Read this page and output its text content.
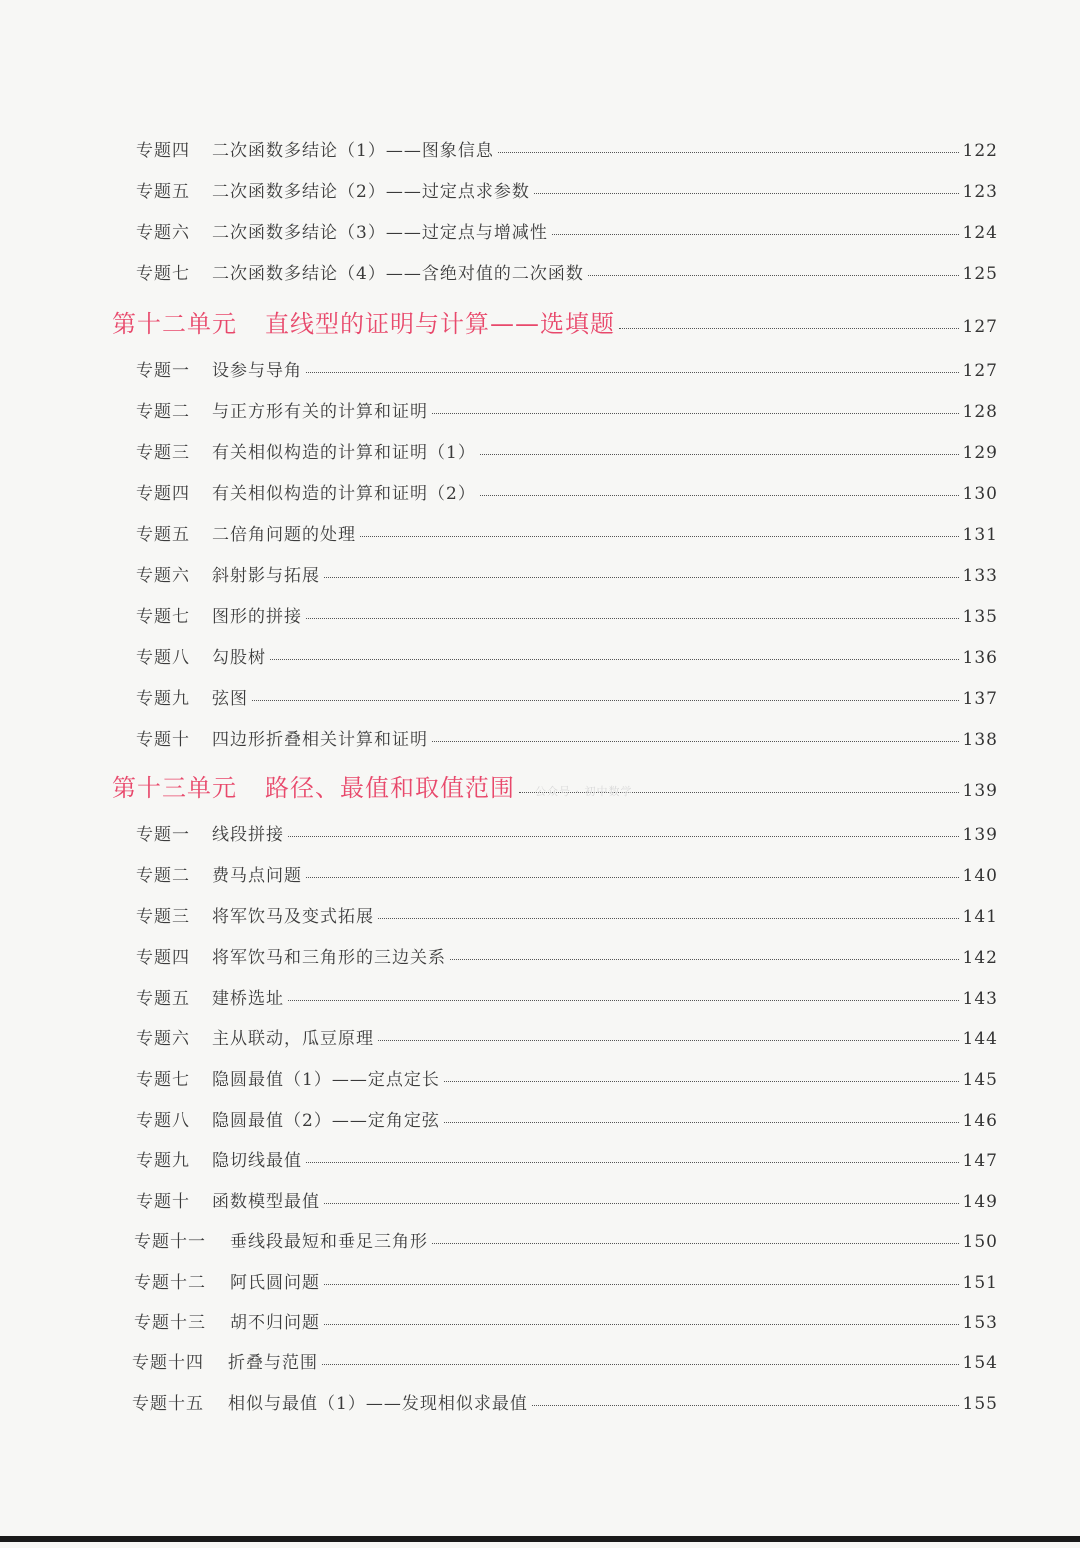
专题四	二次函数多结论（1）——图象信息	122
专题五	二次函数多结论（2）——过定点求参数	123
专题六	二次函数多结论（3）——过定点与增减性	124
专题七	二次函数多结论（4）——含绝对值的二次函数	125
第十二单元 直线型的证明与计算——选填题	127
专题一	设参与导角	127
专题二	与正方形有关的计算和证明	128
专题三	有关相似构造的计算和证明（1）	129
专题四	有关相似构造的计算和证明（2）	130
专题五	二倍角问题的处理	131
专题六	斜射影与拓展	133
专题七	图形的拼接	135
专题八	勾股树	136
专题九	弦图	137
专题十	四边形折叠相关计算和证明	138
第十三单元 路径、最值和取值范围	139
公众号 · 初中数学
专题一	线段拼接	139
专题二	费马点问题	140
专题三	将军饮马及变式拓展	141
专题四	将军饮马和三角形的三边关系	142
专题五	建桥选址	143
专题六	主从联动，瓜豆原理	144
专题七	隐圆最值（1）——定点定长	145
专题八	隐圆最值（2）——定角定弦	146
专题九	隐切线最值	147
专题十	函数模型最值	149
专题十一	垂线段最短和垂足三角形	150
专题十二	阿氏圆问题	151
专题十三	胡不归问题	153
专题十四	折叠与范围	154
专题十五	相似与最值（1）——发现相似求最值	155
